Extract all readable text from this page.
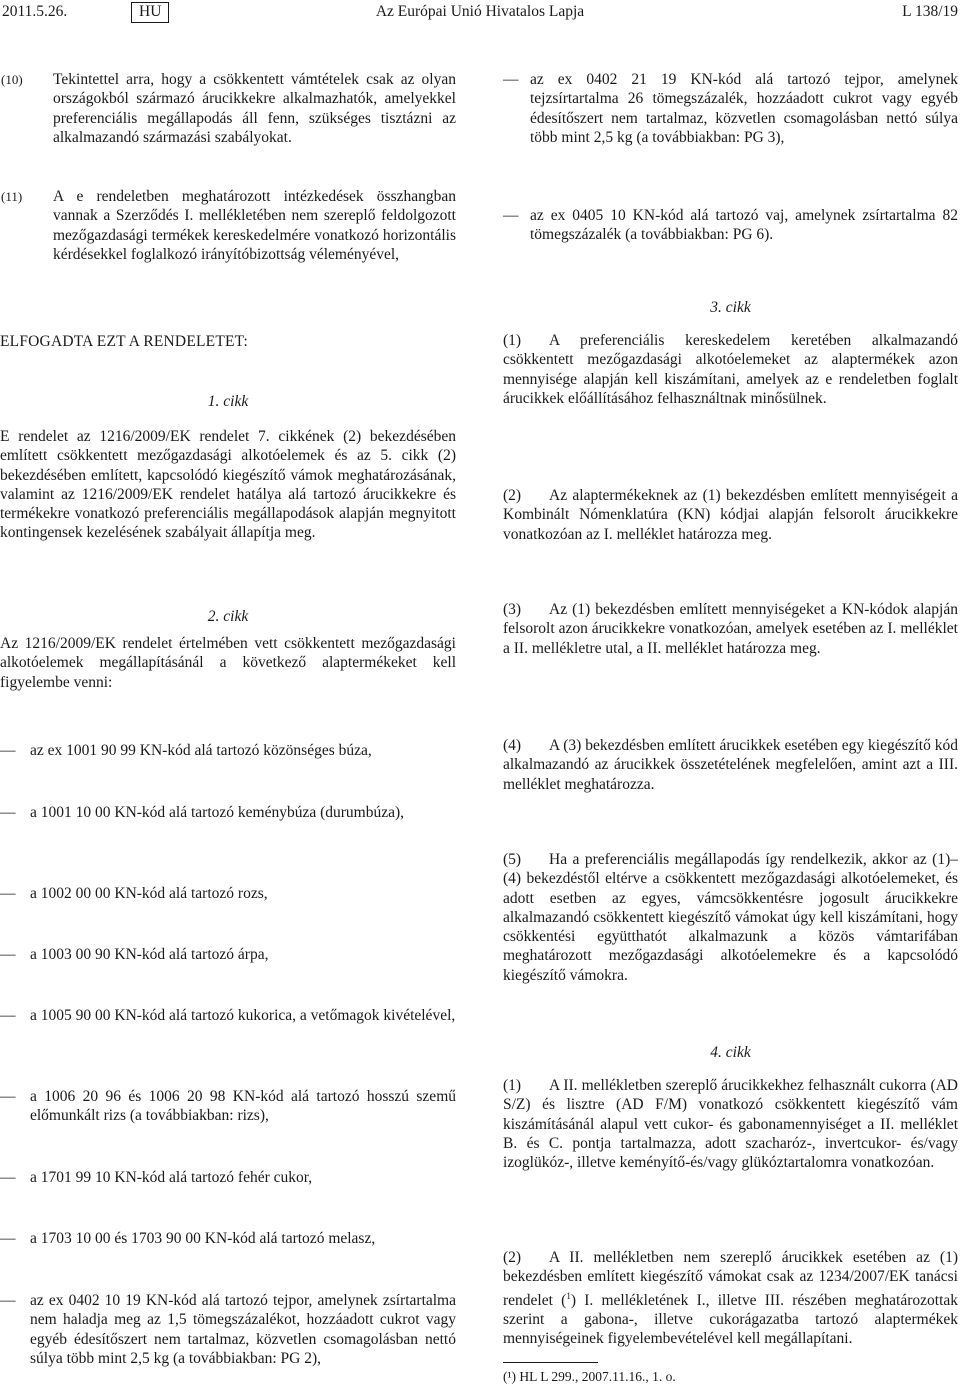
2011.5.26.	HU	Az Európai Unió Hivatalos Lapja	L 138/19
(10) Tekintettel arra, hogy a csökkentett vámtételek csak az olyan országokból származó árucikkekre alkalmazhatók, amelyekkel preferenciális megállapodás áll fenn, szükséges tisztázni az alkalmazandó származási szabályokat.

(11) A e rendeletben meghatározott intézkedések összhangban vannak a Szerződés I. mellékletében nem szereplő feldolgozott mezőgazdasági termékek kereskedelmére vonatkozó horizontális kérdésekkel foglalkozó irányítóbizottság véleményével,

ELFOGADTA EZT A RENDELETET:

1. cikk

E rendelet az 1216/2009/EK rendelet 7. cikkének (2) bekezdésében említett csökkentett mezőgazdasági alkotóelemek és az 5. cikk (2) bekezdésében említett, kapcsolódó kiegészítő vámok meghatározásának, valamint az 1216/2009/EK rendelet hatálya alá tartozó árucikkekre és termékekre vonatkozó preferenciális megállapodások alapján megnyitott kontingensek kezelésének szabályait állapítja meg.

2. cikk

Az 1216/2009/EK rendelet értelmében vett csökkentett mezőgazdasági alkotóelemek megállapításánál a következő alaptermékeket kell figyelembe venni:

— az ex 1001 90 99 KN-kód alá tartozó közönséges búza,

— a 1001 10 00 KN-kód alá tartozó keménybúza (durumbúza),

— a 1002 00 00 KN-kód alá tartozó rozs,

— a 1003 00 90 KN-kód alá tartozó árpa,

— a 1005 90 00 KN-kód alá tartozó kukorica, a vetőmagok kivételével,

— a 1006 20 96 és 1006 20 98 KN-kód alá tartozó hosszú szemű előmunkált rizs (a továbbiakban: rizs),

— a 1701 99 10 KN-kód alá tartozó fehér cukor,

— a 1703 10 00 és 1703 90 00 KN-kód alá tartozó melasz,

— az ex 0402 10 19 KN-kód alá tartozó tejpor, amelynek zsírtartalma nem haladja meg az 1,5 tömegszázalékot, hozzáadott cukrot vagy egyéb édesítőszert nem tartalmaz, közvetlen csomagolásban nettó súlya több mint 2,5 kg (a továbbiakban: PG 2),

— az ex 0402 21 19 KN-kód alá tartozó tejpor, amelynek tejzsírtartalma 26 tömegszázalék, hozzáadott cukrot vagy egyéb édesítőszert nem tartalmaz, közvetlen csomagolásban nettó súlya több mint 2,5 kg (a továbbiakban: PG 3),

— az ex 0405 10 KN-kód alá tartozó vaj, amelynek zsírtartalma 82 tömegszázalék (a továbbiakban: PG 6).

3. cikk

(1)	A preferenciális kereskedelem keretében alkalmazandó csökkentett mezőgazdasági alkotóelemeket az alaptermékek azon mennyisége alapján kell kiszámítani, amelyek az e rendeletben foglalt árucikkek előállításához felhasználtnak minősülnek.

(2)	Az alaptermékeknek az (1) bekezdésben említett mennyiségeit a Kombinált Nómenklatúra (KN) kódjai alapján felsorolt árucikkekre vonatkozóan az I. melléklet határozza meg.

(3)	Az (1) bekezdésben említett mennyiségeket a KN-kódok alapján felsorolt azon árucikkekre vonatkozóan, amelyek esetében az I. melléklet a II. mellékletre utal, a II. melléklet határozza meg.

(4)	A (3) bekezdésben említett árucikkek esetében egy kiegészítő kód alkalmazandó az árucikkek összetételének megfelelően, amint azt a III. melléklet meghatározza.

(5)	Ha a preferenciális megállapodás így rendelkezik, akkor az (1)–(4) bekezdéstől eltérve a csökkentett mezőgazdasági alkotóelemeket, és adott esetben az egyes, vámcsökkentésre jogosult árucikkekre alkalmazandó csökkentett kiegészítő vámokat úgy kell kiszámítani, hogy csökkentési együtthatót alkalmazunk a közös vámtarifában meghatározott mezőgazdasági alkotóelemekre és a kapcsolódó kiegészítő vámokra.

4. cikk

(1)	A II. mellékletben szereplő árucikkekhez felhasznált cukorra (AD S/Z) és lisztre (AD F/M) vonatkozó csökkentett kiegészítő vám kiszámításánál alapul vett cukor- és gabonamennyiséget a II. melléklet B. és C. pontja tartalmazza, adott szacharóz-, invertcukor- és/vagy izoglükóz-, illetve keményítő-és/vagy glükóztartalomra vonatkozóan.

(2)	A II. mellékletben nem szereplő árucikkek esetében az (1) bekezdésben említett kiegészítő vámokat csak az 1234/2007/EK tanácsi rendelet ($^1$) I. mellékletének I., illetve III. részében meghatározottak szerint a gabona-, illetve cukorágazatba tartozó alaptermékek mennyiségeinek figyelembevételével kell megállapítani.

(¹) HL L 299., 2007.11.16., 1. o.
